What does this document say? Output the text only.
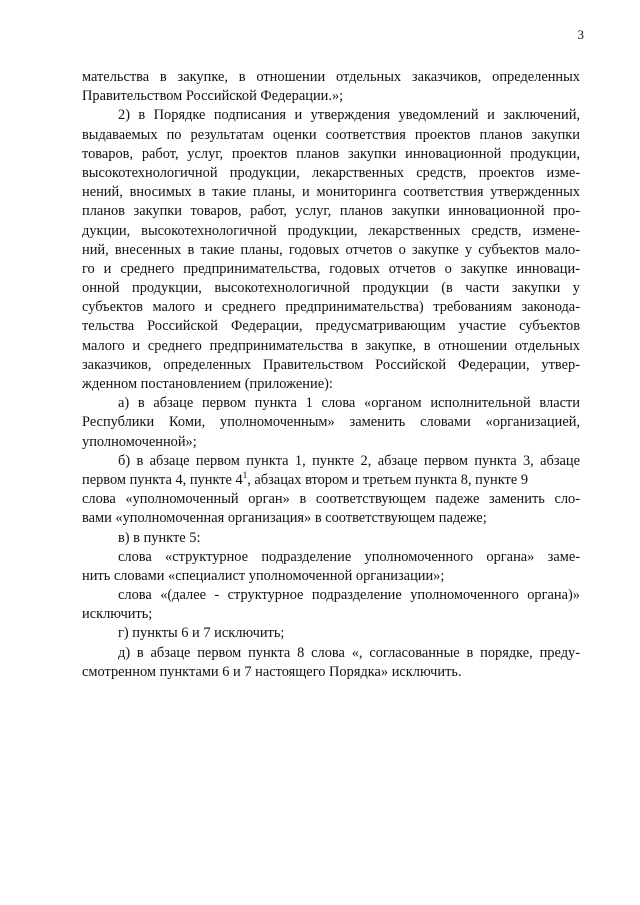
3
мательства в закупке, в отношении отдельных заказчиков, определенных
Правительством Российской Федерации.»;
2) в Порядке подписания и утверждения уведомлений и заключений,
выдаваемых по результатам оценки соответствия проектов планов закупки
товаров, работ, услуг, проектов планов закупки инновационной продукции,
высокотехнологичной продукции, лекарственных средств, проектов изме-
нений, вносимых в такие планы, и мониторинга соответствия утвержденных
планов закупки товаров, работ, услуг, планов закупки инновационной про-
дукции, высокотехнологичной продукции, лекарственных средств, измене-
ний, внесенных в такие планы, годовых отчетов о закупке у субъектов мало-
го и среднего предпринимательства, годовых отчетов о закупке инноваци-
онной продукции, высокотехнологичной продукции (в части закупки у
субъектов малого и среднего предпринимательства) требованиям законода-
тельства Российской Федерации, предусматривающим участие субъектов
малого и среднего предпринимательства в закупке, в отношении отдельных
заказчиков, определенных Правительством Российской Федерации, утвер-
жденном постановлением (приложение):
а) в абзаце первом пункта 1 слова «органом исполнительной власти
Республики Коми, уполномоченным» заменить словами «организацией,
уполномоченной»;
б) в абзаце первом пункта 1, пункте 2, абзаце первом пункта 3, абзаце
первом пункта 4, пункте $4^1$, абзацах втором и третьем пункта 8, пункте 9
слова «уполномоченный орган» в соответствующем падеже заменить сло-
вами «уполномоченная организация» в соответствующем падеже;
в) в пункте 5:
слова «структурное подразделение уполномоченного органа» заме-
нить словами «специалист уполномоченной организации»;
слова «(далее - структурное подразделение уполномоченного органа)»
исключить;
г) пункты 6 и 7 исключить;
д) в абзаце первом пункта 8 слова «, согласованные в порядке, преду-
смотренном пунктами 6 и 7 настоящего Порядка» исключить.
